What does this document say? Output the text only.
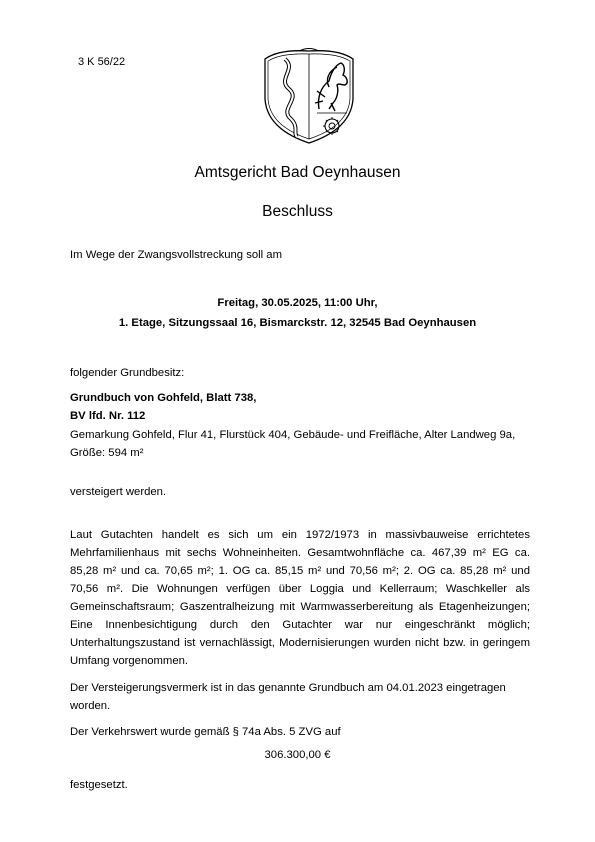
3 K 56/22
Amtsgericht Bad Oeynhausen
Beschluss
Im Wege der Zwangsvollstreckung soll am
Freitag, 30.05.2025, 11:00 Uhr,
1. Etage, Sitzungssaal 16, Bismarckstr. 12, 32545 Bad Oeynhausen
folgender Grundbesitz:
Grundbuch von Gohfeld, Blatt 738,
BV lfd. Nr. 112
Gemarkung Gohfeld, Flur 41, Flurstück 404, Gebäude- und Freifläche, Alter Landweg 9a, Größe: 594 m²
versteigert werden.
Laut Gutachten handelt es sich um ein 1972/1973 in massivbauweise errichtetes Mehrfamilienhaus mit sechs Wohneinheiten. Gesamtwohnfläche ca. 467,39 m² EG ca. 85,28 m² und ca. 70,65 m²; 1. OG ca. 85,15 m² und 70,56 m²; 2. OG ca. 85,28 m² und 70,56 m². Die Wohnungen verfügen über Loggia und Kellerraum; Waschkeller als Gemeinschaftsraum; Gaszentralheizung mit Warmwasserbereitung als Etagenheizungen; Eine Innenbesichtigung durch den Gutachter war nur eingeschränkt möglich; Unterhaltungszustand ist vernachlässigt, Modernisierungen wurden nicht bzw. in geringem Umfang vorgenommen.
Der Versteigerungsvermerk ist in das genannte Grundbuch am 04.01.2023 eingetragen worden.
Der Verkehrswert wurde gemäß § 74a Abs. 5 ZVG auf
306.300,00 €
festgesetzt.
